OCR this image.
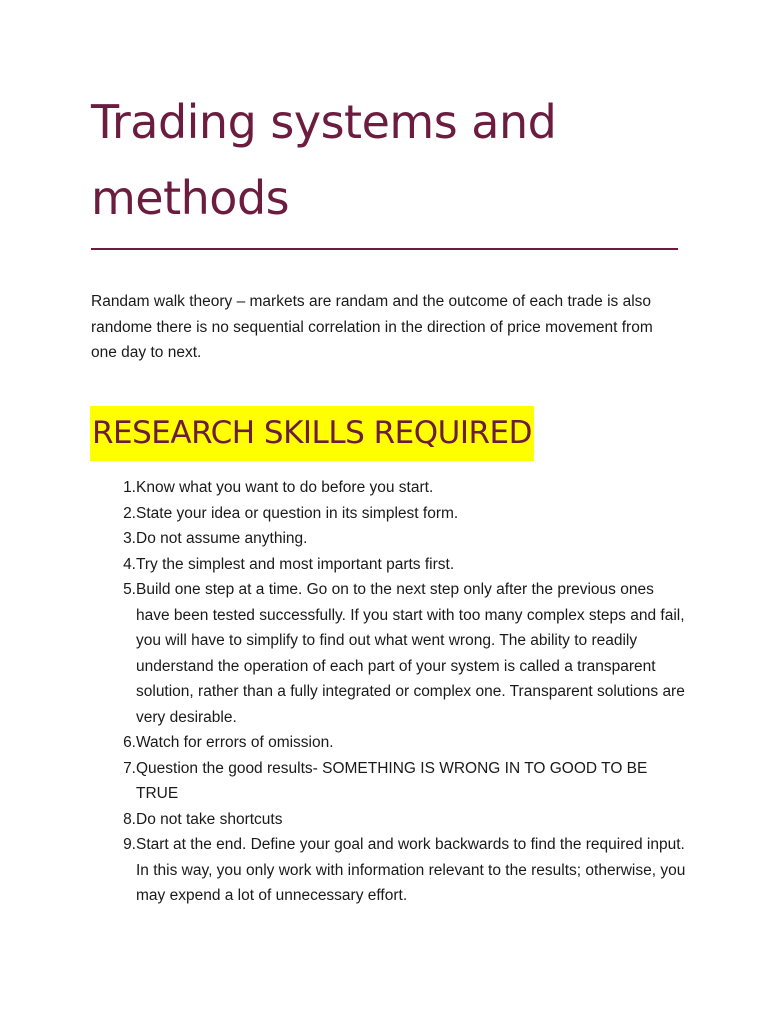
Trading systems and methods

Randam walk theory – markets are randam and the outcome of each trade is also randome there is no sequential correlation in the direction of price movement from one day to next.

RESEARCH SKILLS REQUIRED
1. Know what you want to do before you start.
2. State your idea or question in its simplest form.
3. Do not assume anything.
4. Try the simplest and most important parts first.
5. Build one step at a time. Go on to the next step only after the previous ones have been tested successfully. If you start with too many complex steps and fail, you will have to simplify to find out what went wrong. The ability to readily understand the operation of each part of your system is called a transparent solution, rather than a fully integrated or complex one. Transparent solutions are very desirable.
6. Watch for errors of omission.
7. Question the good results- SOMETHING IS WRONG IN TO GOOD TO BE TRUE
8. Do not take shortcuts
9. Start at the end. Define your goal and work backwards to find the required input. In this way, you only work with information relevant to the results; otherwise, you may expend a lot of unnecessary effort.
